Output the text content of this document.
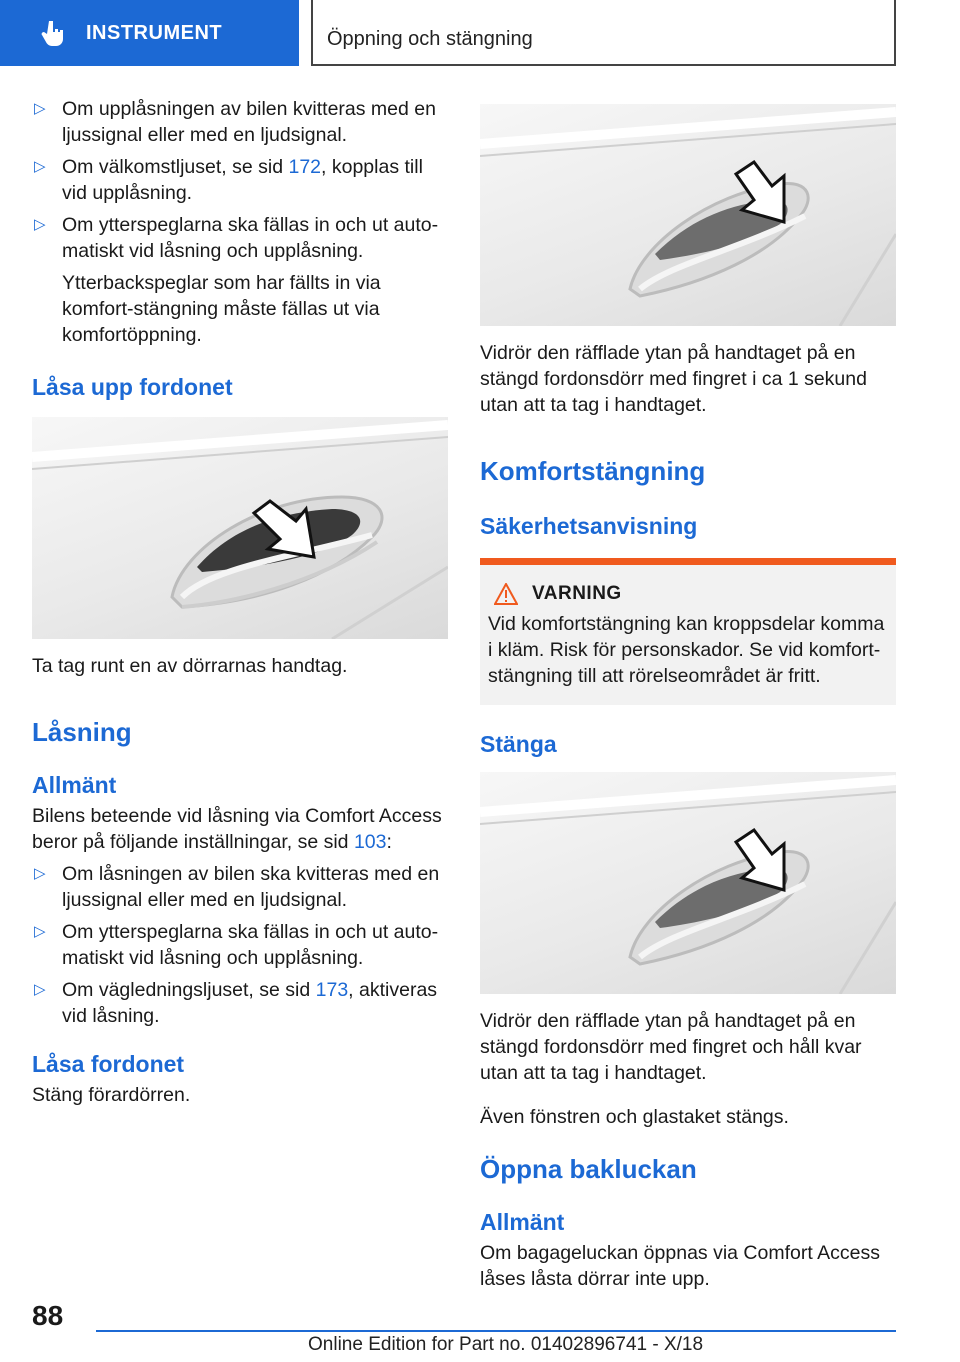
INSTRUMENT	Öppning och stängning
▷ Om upplåsningen av bilen kvitteras med en ljussignal eller med en ljudsignal.
▷ Om välkomstljuset, se sid 172, kopplas till vid upplåsning.
▷ Om ytterspeglarna ska fällas in och ut auto-matiskt vid låsning och upplåsning.

Ytterbackspeglar som har fällts in via komfort-stängning måste fällas ut via komfortöppning.

Låsa upp fordonet

Ta tag runt en av dörrarnas handtag.

Låsning
Allmänt

Bilens beteende vid låsning via Comfort Access beror på följande inställningar, se sid 103:

▷ Om låsningen av bilen ska kvitteras med en ljussignal eller med en ljudsignal.
▷ Om ytterspeglarna ska fällas in och ut auto-matiskt vid låsning och upplåsning.
▷ Om vägledningsljuset, se sid 173, aktiveras vid låsning.
Låsa fordonet

Stäng förardörren.

Vidrör den räfflade ytan på handtaget på en stängd fordonsdörr med fingret i ca 1 sekund utan att ta tag i handtaget.

Komfortstängning
Säkerhetsanvisning
VARNING

Vid komfortstängning kan kroppsdelar komma i kläm. Risk för personskador. Se vid komfort-stängning till att rörelseområdet är fritt.

Stänga

Vidrör den räfflade ytan på handtaget på en stängd fordonsdörr med fingret och håll kvar utan att ta tag i handtaget.

Även fönstren och glastaket stängs.

Öppna bakluckan
Allmänt

Om bagageluckan öppnas via Comfort Access låses låsta dörrar inte upp.

88
Online Edition for Part no. 01402896741 - X/18
